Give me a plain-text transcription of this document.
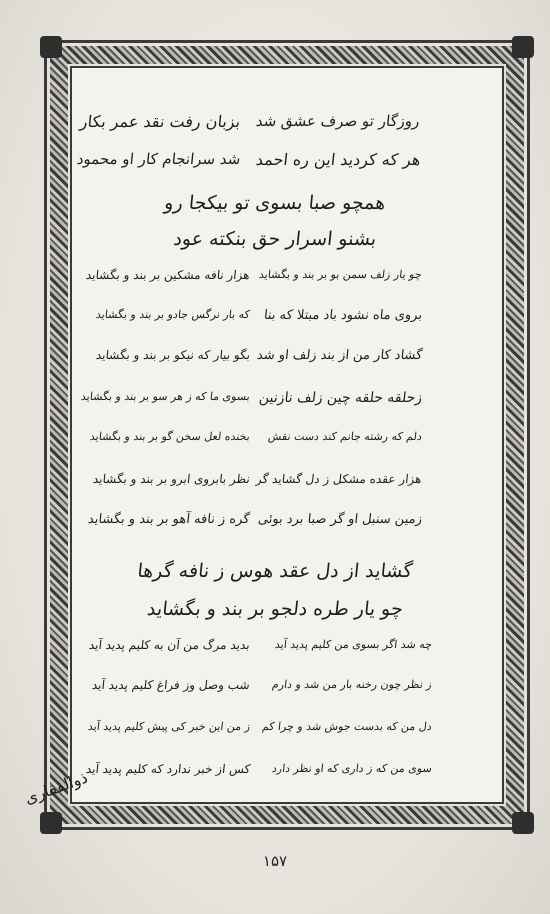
روزگار تو صرف عشق شد
بزبان رفت نقد عمر بکار
هر که کردید این ره احمد
شد سرانجام کار او محمود
همچو صبا بسوی تو بیکجا رو
بشنو اسرار حق بنکته عود
چو یار زلف سمن بو بر بند و بگشاید
هزار نافه مشکین بر بند و بگشاید
بروی ماه نشود باد مبتلا که بنا
که بار نرگس جادو بر بند و بگشاید
گشاد کار من از بند زلف او شد
بگو بیار که نیکو بر بند و بگشاید
زحلقه حلقه چین زلف نازنین
بسوی ما که ز هر سو بر بند و بگشاید
دلم که رشته جانم کند دست نقش
بخنده لعل سخن گو بر بند و بگشاید
هزار عقده مشکل ز دل گشاید گر
نظر بابروی ابرو بر بند و بگشاید
زمین سنبل او گر صبا برد بوئی
گره ز نافه آهو بر بند و بگشاید
گشاید از دل عقد هوس ز نافه گرها
چو یار طره دلجو بر بند و بگشاید
چه شد اگر بسوی من کلیم پدید آید
بدید مرگ من آن به کلیم پدید آید
ز نظر چون رخنه بار من شد و دارم
شب وصل وز فراغ کلیم پدید آید
دل من که بدست جوش شد و چرا کم
ز من این خبر کی پیش کلیم پدید آید
سوی من که ز داری که او نظر دارد
کس از خبر ندارد که کلیم پدید آید
ذوالفقاری
۱۵۷
